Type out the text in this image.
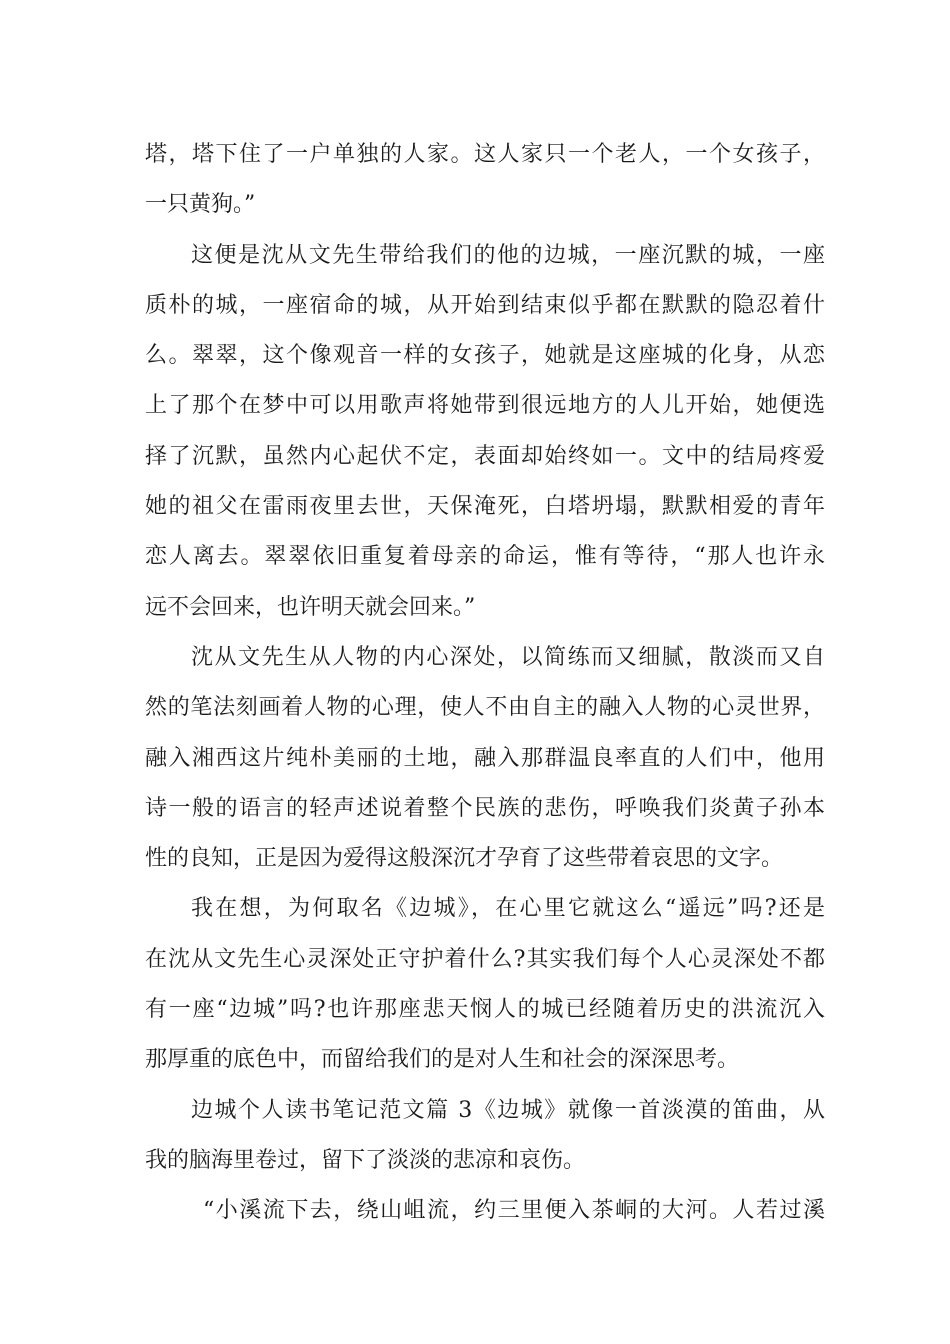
塔，塔下住了一户单独的人家。这人家只一个老人，一个女孩子，
一只黄狗。”
这便是沈从文先生带给我们的他的边城，一座沉默的城，一座
质朴的城，一座宿命的城，从开始到结束似乎都在默默的隐忍着什
么。翠翠，这个像观音一样的女孩子，她就是这座城的化身，从恋
上了那个在梦中可以用歌声将她带到很远地方的人儿开始，她便选
择了沉默，虽然内心起伏不定，表面却始终如一。文中的结局疼爱
她的祖父在雷雨夜里去世，天保淹死，白塔坍塌，默默相爱的青年
恋人离去。翠翠依旧重复着母亲的命运，惟有等待，“那人也许永
远不会回来，也许明天就会回来。”
沈从文先生从人物的内心深处，以简练而又细腻，散淡而又自
然的笔法刻画着人物的心理，使人不由自主的融入人物的心灵世界，
融入湘西这片纯朴美丽的土地，融入那群温良率直的人们中，他用
诗一般的语言的轻声述说着整个民族的悲伤，呼唤我们炎黄子孙本
性的良知，正是因为爱得这般深沉才孕育了这些带着哀思的文字。
我在想，为何取名《边城》，在心里它就这么“遥远”吗?还是
在沈从文先生心灵深处正守护着什么?其实我们每个人心灵深处不都
有一座“边城”吗?也许那座悲天悯人的城已经随着历史的洪流沉入
那厚重的底色中，而留给我们的是对人生和社会的深深思考。
边城个人读书笔记范文篇 3《边城》就像一首淡漠的笛曲，从
我的脑海里卷过，留下了淡淡的悲凉和哀伤。
“小溪流下去，绕山岨流，约三里便入茶峒的大河。人若过溪
